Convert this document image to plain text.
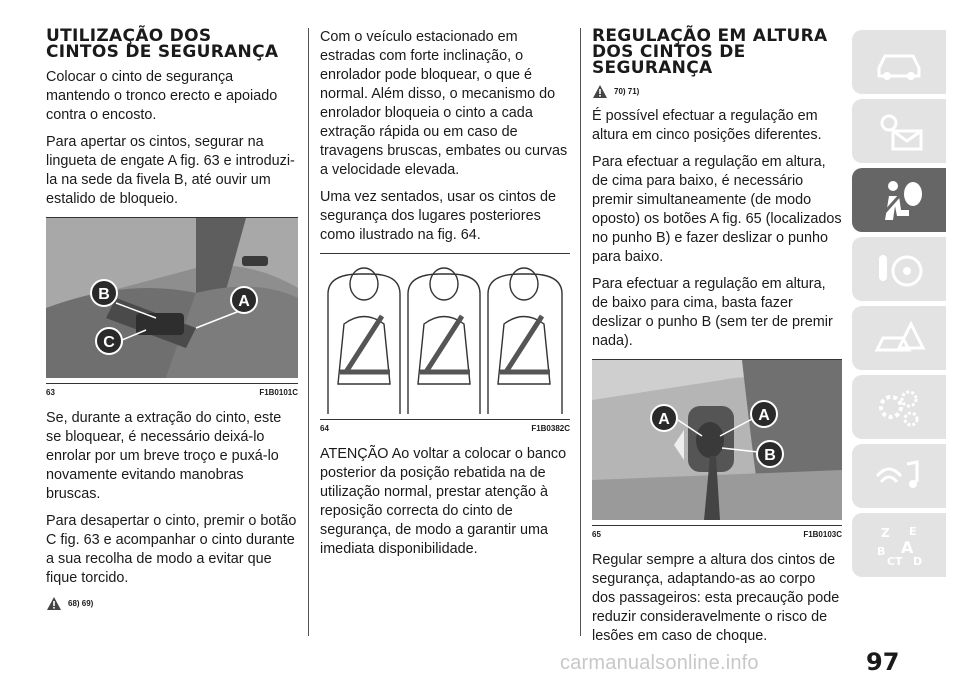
UTILIZAÇÃO DOS
CINTOS DE SEGURANÇA

Colocar o cinto de segurança mantendo o tronco erecto e apoiado contra o encosto.

Para apertar os cintos, segurar na lingueta de engate A fig. 63 e introduzi-la na sede da fivela B, até ouvir um estalido de bloqueio.

B	A
C
63	F1B0101C

Se, durante a extração do cinto, este se bloquear, é necessário deixá-lo enrolar por um breve troço e puxá-lo novamente evitando manobras bruscas.

Para desapertar o cinto, premir o botão C fig. 63 e acompanhar o cinto durante a sua recolha de modo a evitar que fique torcido.

68) 69)

Com o veículo estacionado em estradas com forte inclinação, o enrolador pode bloquear, o que é normal. Além disso, o mecanismo do enrolador bloqueia o cinto a cada extração rápida ou em caso de travagens bruscas, embates ou curvas a velocidade elevada.

Uma vez sentados, usar os cintos de segurança dos lugares posteriores como ilustrado na fig. 64.

64	F1B0382C

ATENÇÃO Ao voltar a colocar o banco posterior da posição rebatida na de utilização normal, prestar atenção à reposição correcta do cinto de segurança, de modo a garantir uma imediata disponibilidade.

REGULAÇÃO EM ALTURA
DOS CINTOS DE
SEGURANÇA
70) 71)

É possível efectuar a regulação em altura em cinco posições diferentes.

Para efectuar a regulação em altura, de cima para baixo, é necessário premir simultaneamente (de modo oposto) os botões A fig. 65 (localizados no punho B) e fazer deslizar o punho para baixo.

Para efectuar a regulação em altura, de baixo para cima, basta fazer deslizar o punho B (sem ter de premir nada).

A	A
B
65	F1B0103C

Regular sempre a altura dos cintos de segurança, adaptando-as ao corpo dos passageiros: esta precaução pode reduzir consideravelmente o risco de lesões em caso de choque.

Z E
B A
C T D
carmanualsonline.info	97
